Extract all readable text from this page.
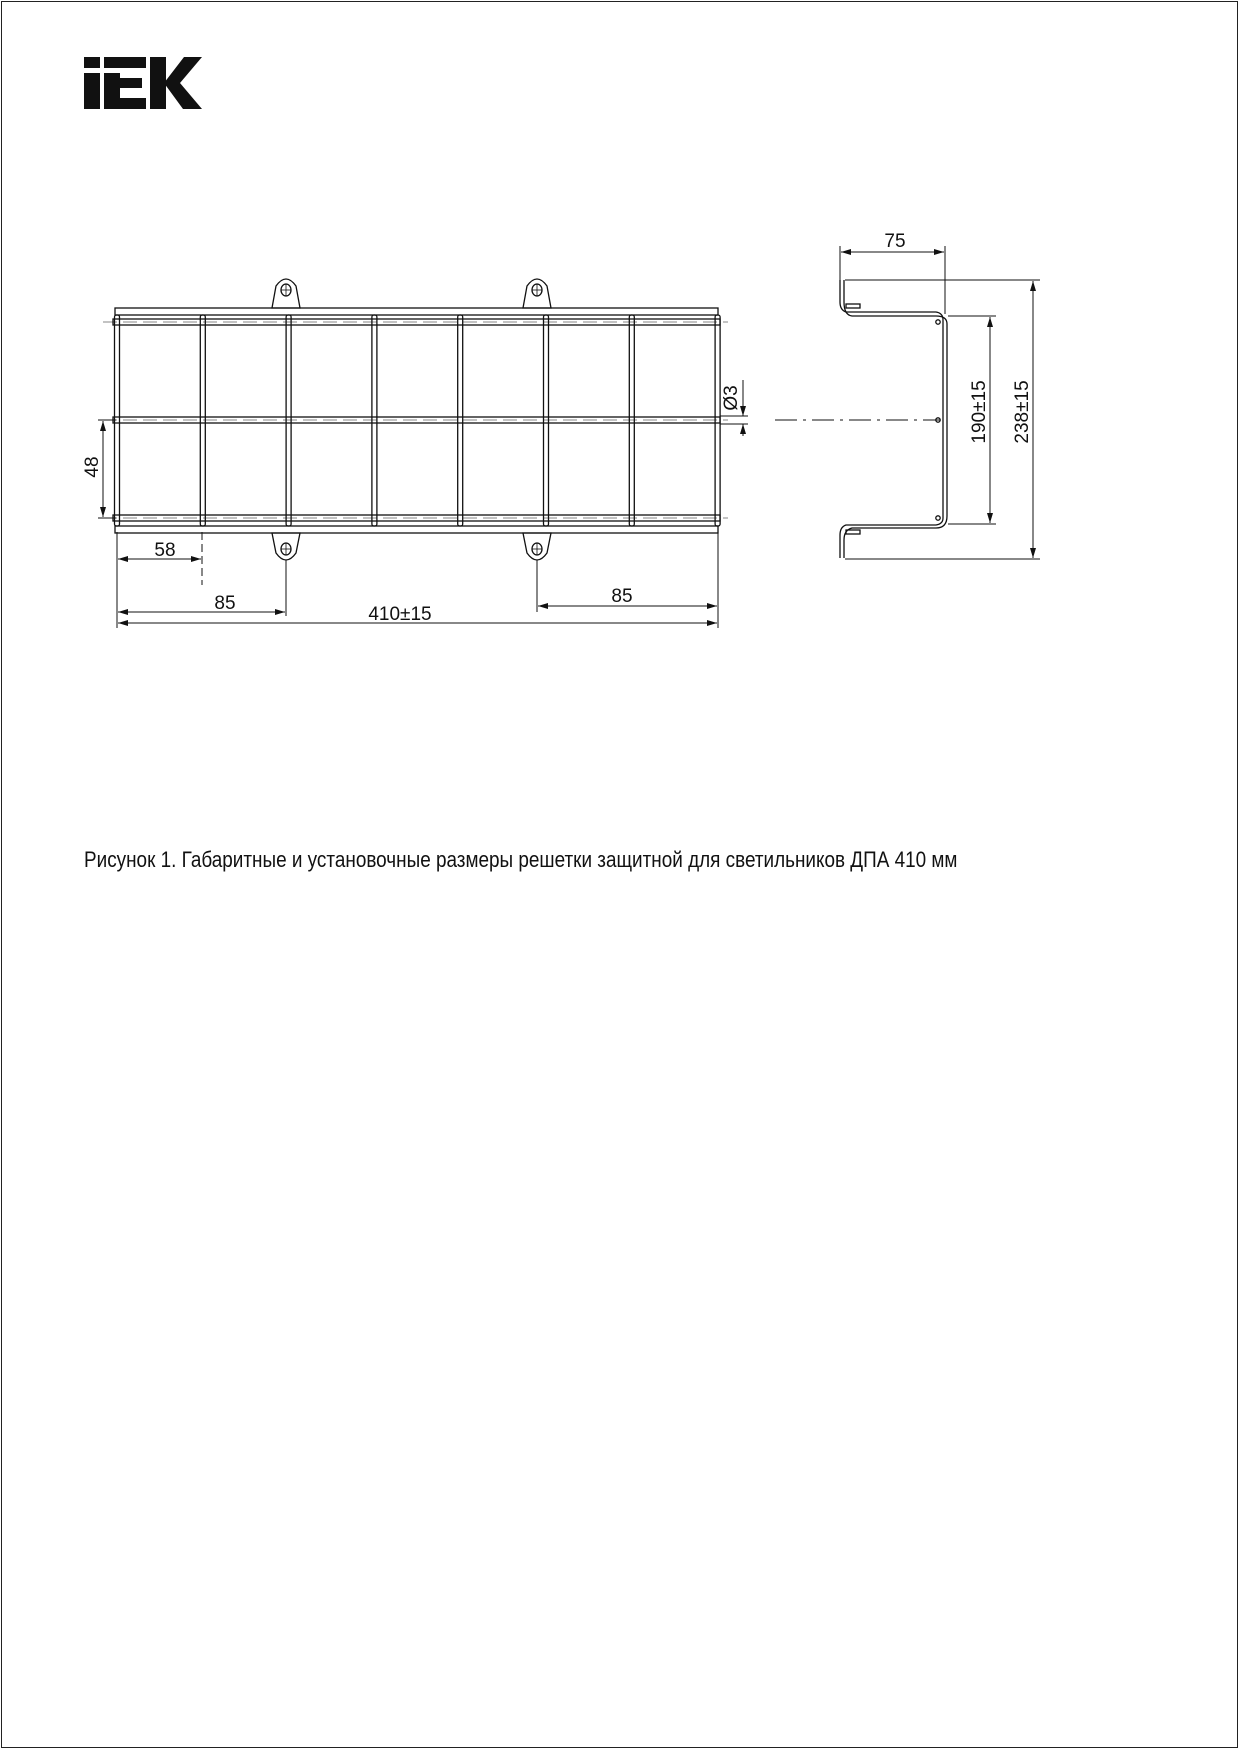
58
85	85
410±15
48
Ø3
75
190±15 238±15
Рисунок 1. Габаритные и установочные размеры решетки защитной для светильников ДПА 410 мм
